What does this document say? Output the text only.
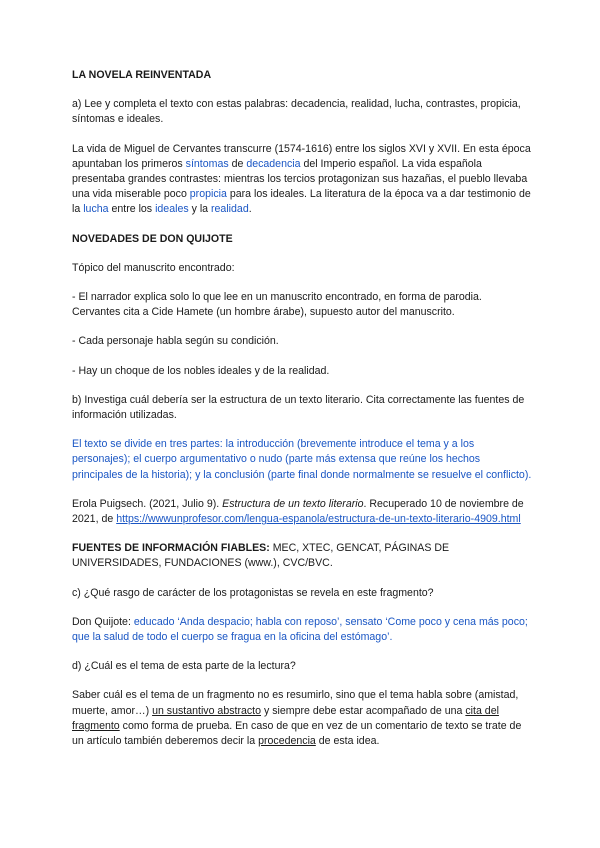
LA NOVELA REINVENTADA

a) Lee y completa el texto con estas palabras: decadencia, realidad, lucha, contrastes, propicia, síntomas e ideales.

La vida de Miguel de Cervantes transcurre (1574-1616) entre los siglos XVI y XVII. En esta época apuntaban los primeros síntomas de decadencia del Imperio español. La vida española presentaba grandes contrastes: mientras los tercios protagonizan sus hazañas, el pueblo llevaba una vida miserable poco propicia para los ideales. La literatura de la época va a dar testimonio de la lucha entre los ideales y la realidad.

NOVEDADES DE DON QUIJOTE

Tópico del manuscrito encontrado:

- El narrador explica solo lo que lee en un manuscrito encontrado, en forma de parodia. Cervantes cita a Cide Hamete (un hombre árabe), supuesto autor del manuscrito.

- Cada personaje habla según su condición.

- Hay un choque de los nobles ideales y de la realidad.

b) Investiga cuál debería ser la estructura de un texto literario. Cita correctamente las fuentes de información utilizadas.

El texto se divide en tres partes: la introducción (brevemente introduce el tema y a los personajes); el cuerpo argumentativo o nudo (parte más extensa que reúne los hechos principales de la historia); y la conclusión (parte final donde normalmente se resuelve el conflicto).

Erola Puigsech. (2021, Julio 9). Estructura de un texto literario. Recuperado 10 de noviembre de 2021, de https://wwwunprofesor.com/lengua-espanola/estructura-de-un-texto-literario-4909.html

FUENTES DE INFORMACIÓN FIABLES: MEC, XTEC, GENCAT, PÁGINAS DE UNIVERSIDADES, FUNDACIONES (www.), CVC/BVC.

c) ¿Qué rasgo de carácter de los protagonistas se revela en este fragmento?

Don Quijote: educado ‘Anda despacio; habla con reposo’, sensato ‘Come poco y cena más poco; que la salud de todo el cuerpo se fragua en la oficina del estómago’.

d) ¿Cuál es el tema de esta parte de la lectura?

Saber cuál es el tema de un fragmento no es resumirlo, sino que el tema habla sobre (amistad, muerte, amor…) un sustantivo abstracto y siempre debe estar acompañado de una cita del fragmento como forma de prueba. En caso de que en vez de un comentario de texto se trate de un artículo también deberemos decir la procedencia de esta idea.
